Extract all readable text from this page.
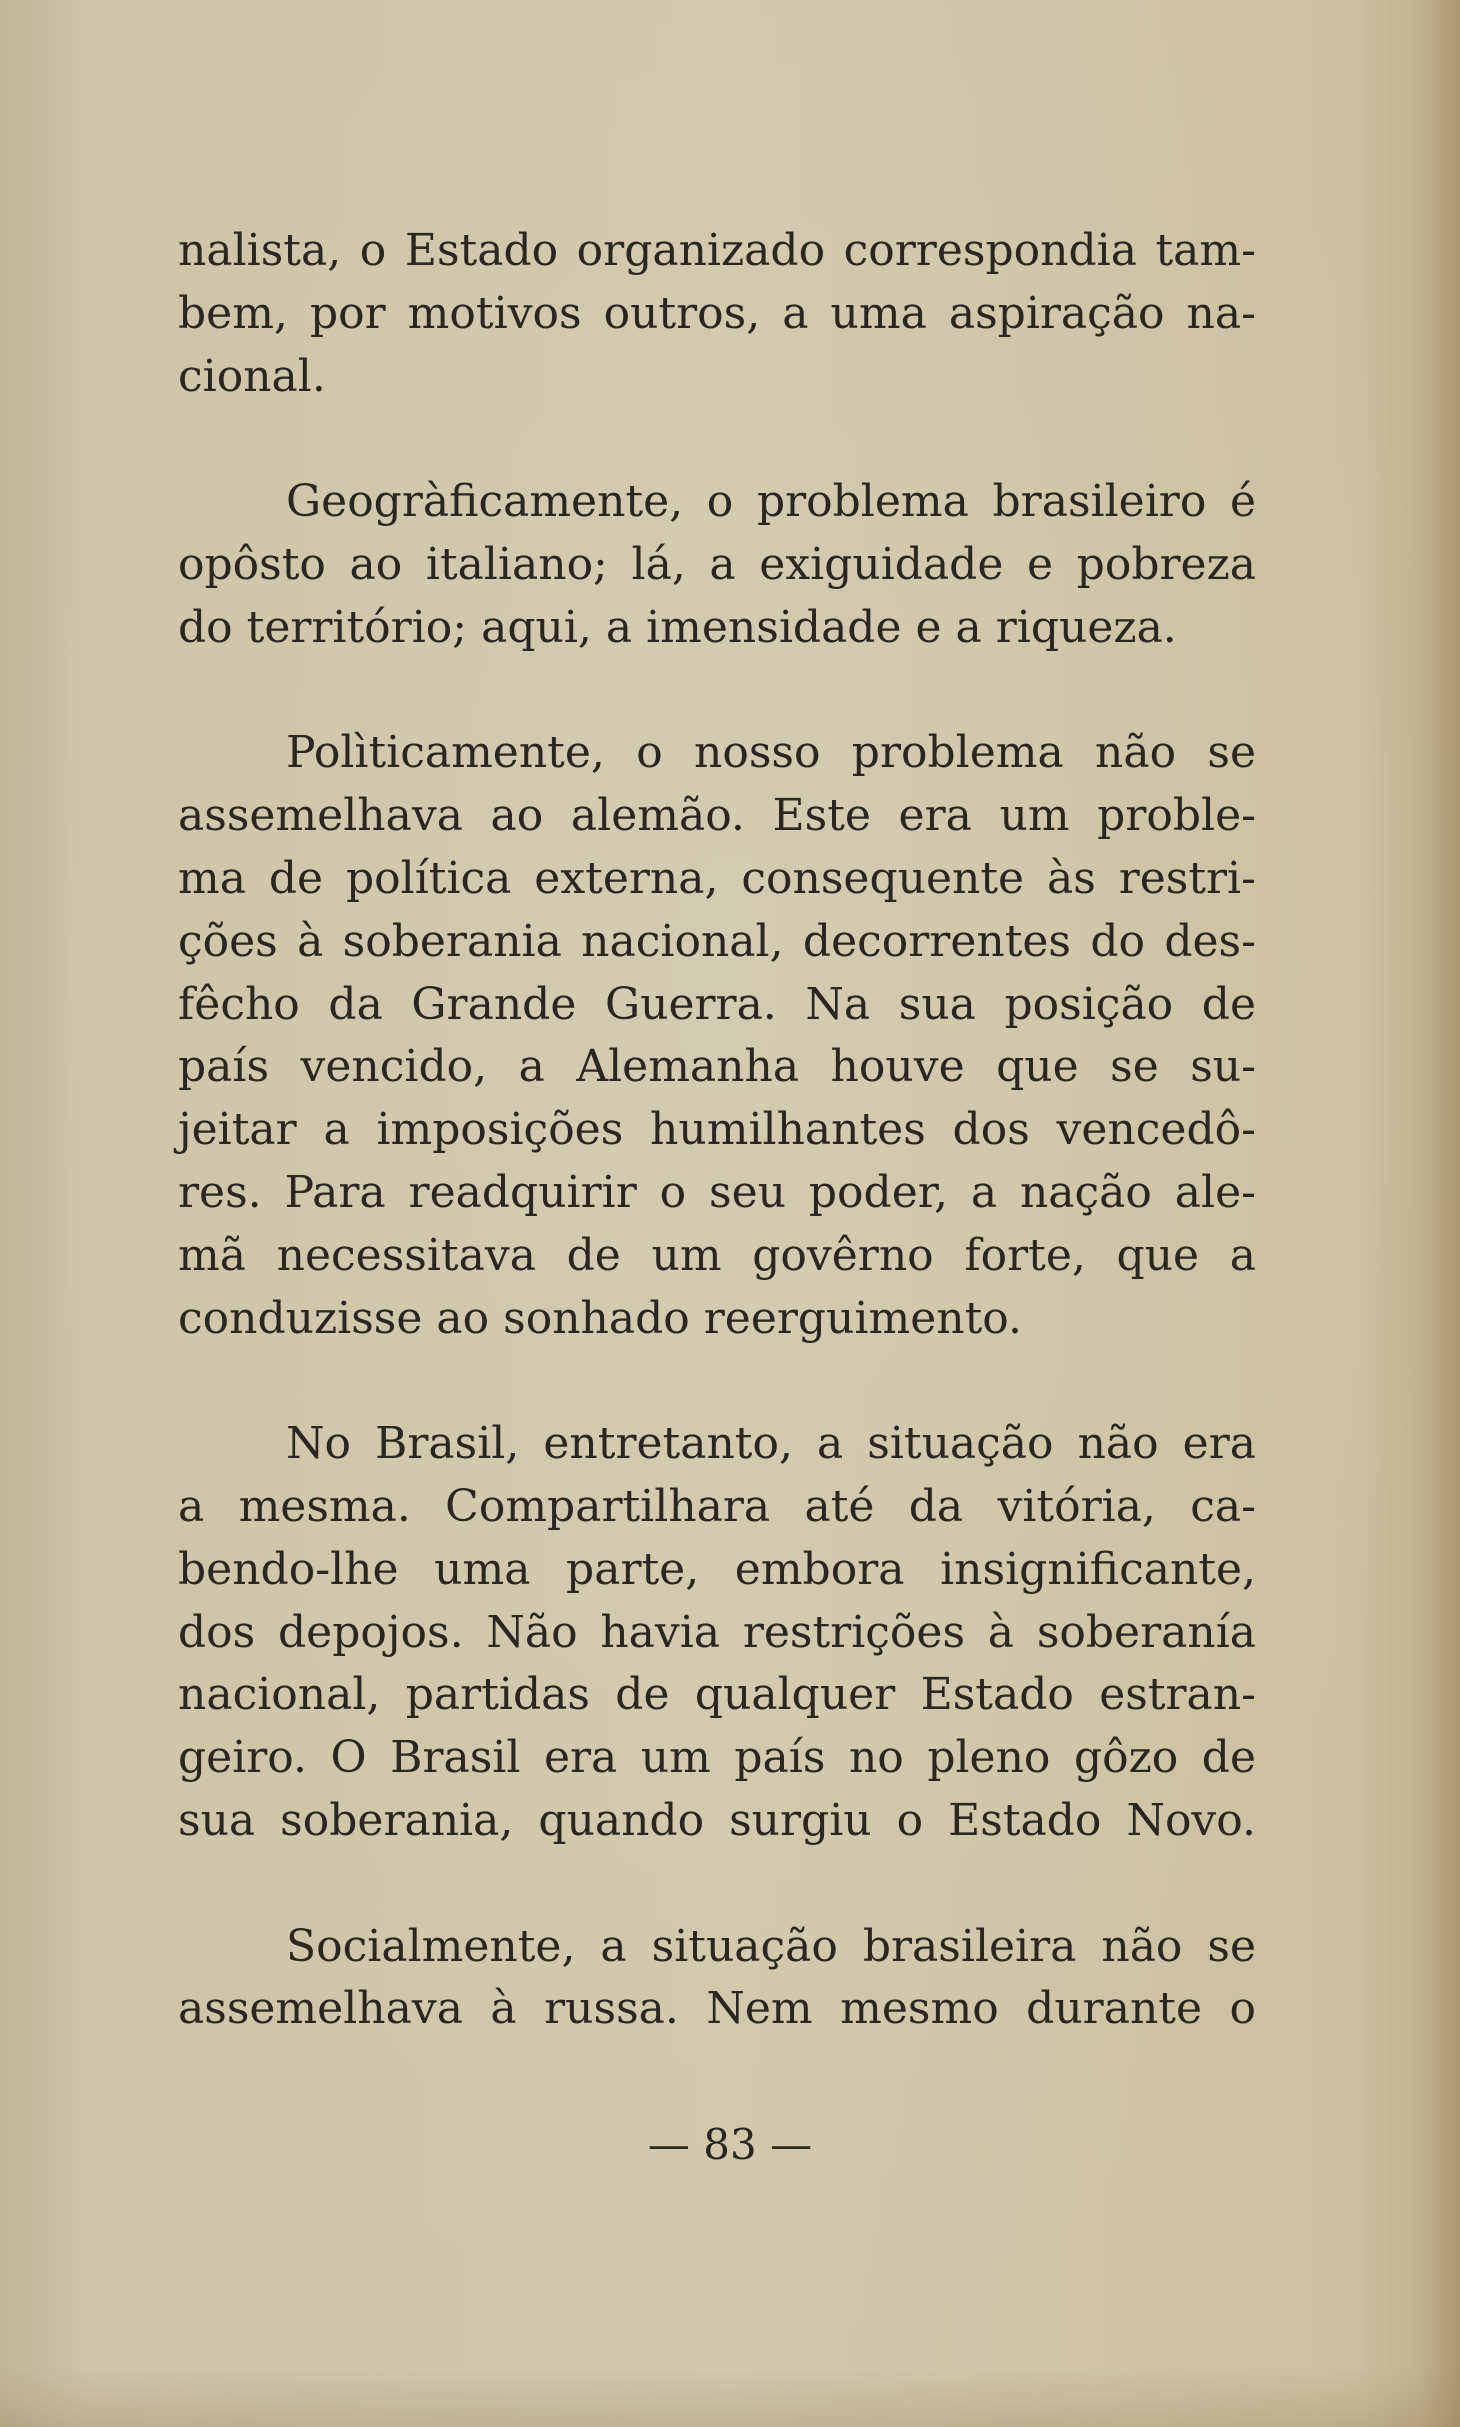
nalista, o Estado organizado correspondia tam-
bem, por motivos outros, a uma aspiração na-
cional.
Geogràficamente, o problema brasileiro é
opôsto ao italiano; lá, a exiguidade e pobreza
do território; aqui, a imensidade e a riqueza.
Polìticamente, o nosso problema não se
assemelhava ao alemão. Este era um proble-
ma de política externa, consequente às restri-
ções à soberania nacional, decorrentes do des-
fêcho da Grande Guerra. Na sua posição de
país vencido, a Alemanha houve que se su-
jeitar a imposições humilhantes dos vencedô-
res. Para readquirir o seu poder, a nação ale-
mã necessitava de um govêrno forte, que a
conduzisse ao sonhado reerguimento.
No Brasil, entretanto, a situação não era
a mesma. Compartilhara até da vitória, ca-
bendo-lhe uma parte, embora insignificante,
dos depojos. Não havia restrições à soberanía
nacional, partidas de qualquer Estado estran-
geiro. O Brasil era um país no pleno gôzo de
sua soberania, quando surgiu o Estado Novo.
Socialmente, a situação brasileira não se
assemelhava à russa. Nem mesmo durante o
— 83 —
